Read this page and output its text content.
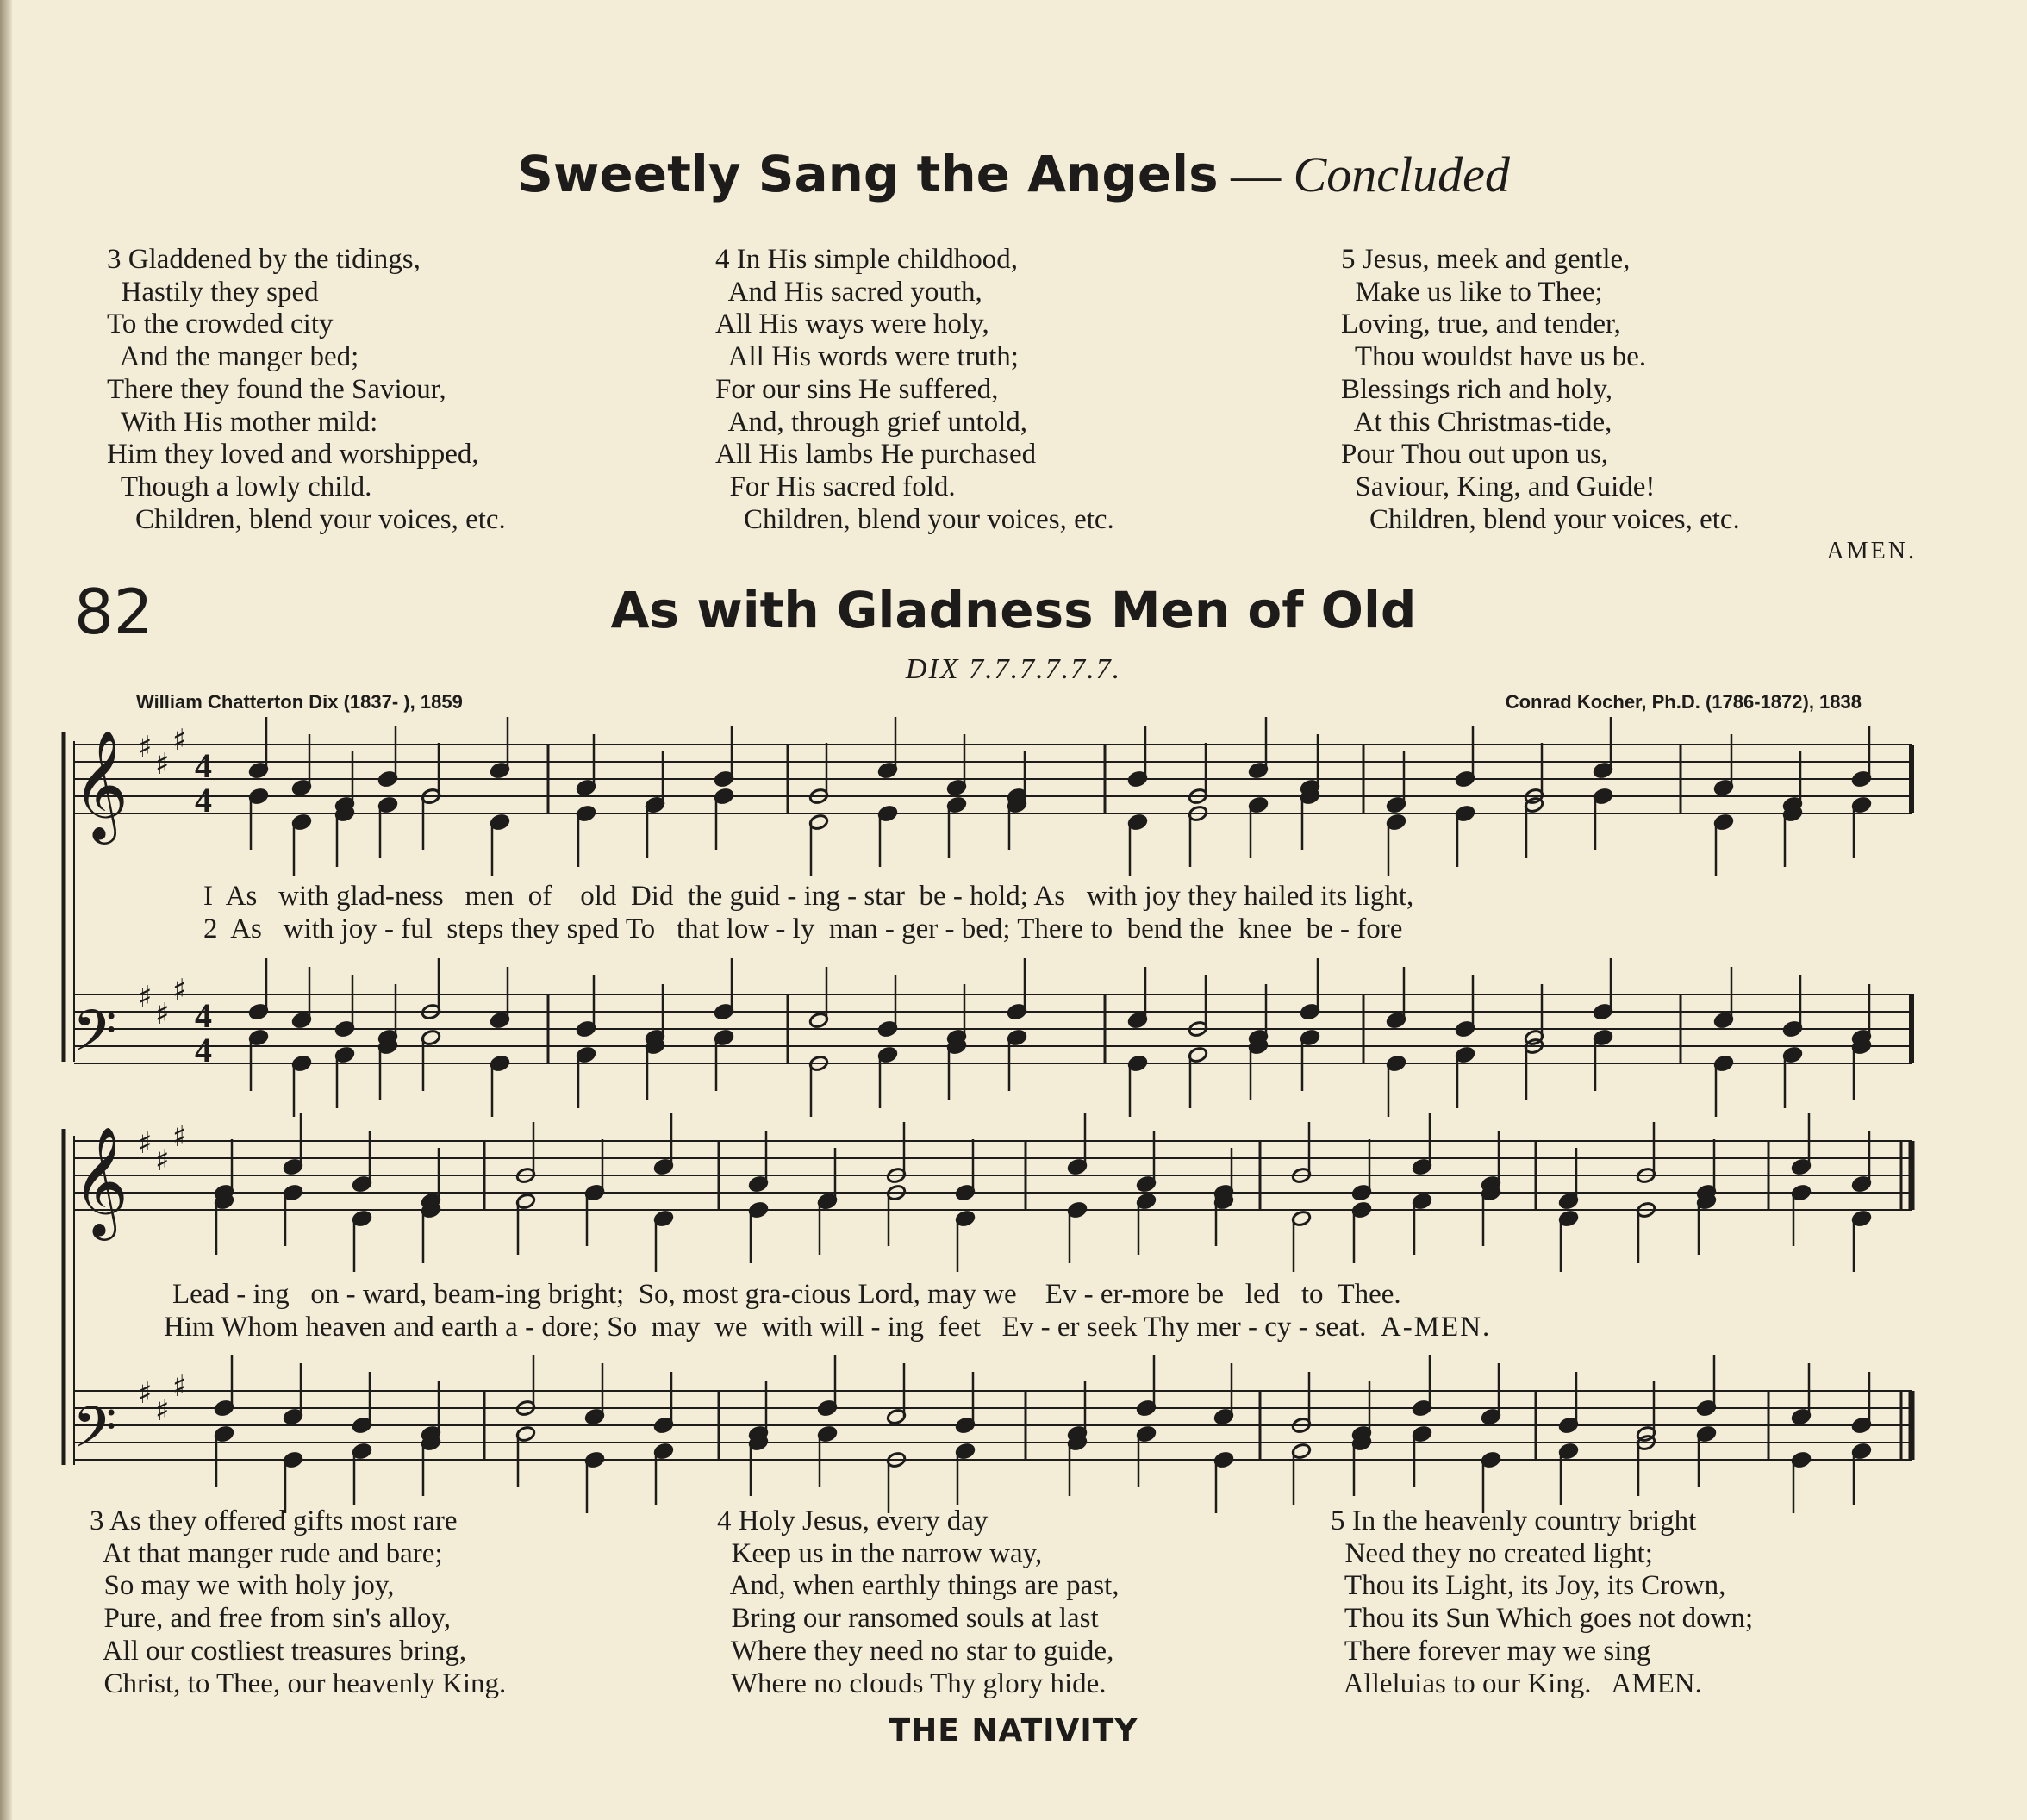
Sweetly Sang the Angels — Concluded
3 Gladdened by the tidings,
Hastily they sped
To the crowded city
And the manger bed;
There they found the Saviour,
With His mother mild:
Him they loved and worshipped,
Though a lowly child.
Children, blend your voices, etc.
4 In His simple childhood,
And His sacred youth,
All His ways were holy,
All His words were truth;
For our sins He suffered,
And, through grief untold,
All His lambs He purchased
For His sacred fold.
Children, blend your voices, etc.
5 Jesus, meek and gentle,
Make us like to Thee;
Loving, true, and tender,
Thou wouldst have us be.
Blessings rich and holy,
At this Christmas-tide,
Pour Thou out upon us,
Saviour, King, and Guide!
Children, blend your voices, etc.
AMEN.
82	As with Gladness Men of Old
DIX 7.7.7.7.7.7.
William Chatterton Dix (1837- ), 1859	Conrad Kocher, Ph.D. (1786-1872), 1838
𝄞
𝄢
𝄞
𝄢
♯ ♯
♯
♯ ♯
♯
♯ ♯
♯
♯ ♯
♯
4
4
4
4
I As with glad-ness men of old Did the guid - ing - star be - hold; As with joy they hailed its light,
2 As with joy - ful steps they sped To that low - ly man - ger - bed; There to bend the knee be - fore
Lead - ing on - ward, beam-ing bright; So, most gra-cious Lord, may we Ev - er-more be led to Thee.
Him Whom heaven and earth a - dore; So may we with will - ing feet Ev - er seek Thy mer - cy - seat. A-MEN.
3 As they offered gifts most rare
At that manger rude and bare;
So may we with holy joy,
Pure, and free from sin's alloy,
All our costliest treasures bring,
Christ, to Thee, our heavenly King.
4 Holy Jesus, every day
Keep us in the narrow way,
And, when earthly things are past,
Bring our ransomed souls at last
Where they need no star to guide,
Where no clouds Thy glory hide.
5 In the heavenly country bright
Need they no created light;
Thou its Light, its Joy, its Crown,
Thou its Sun Which goes not down;
There forever may we sing
Alleluias to our King.   AMEN.
THE NATIVITY
